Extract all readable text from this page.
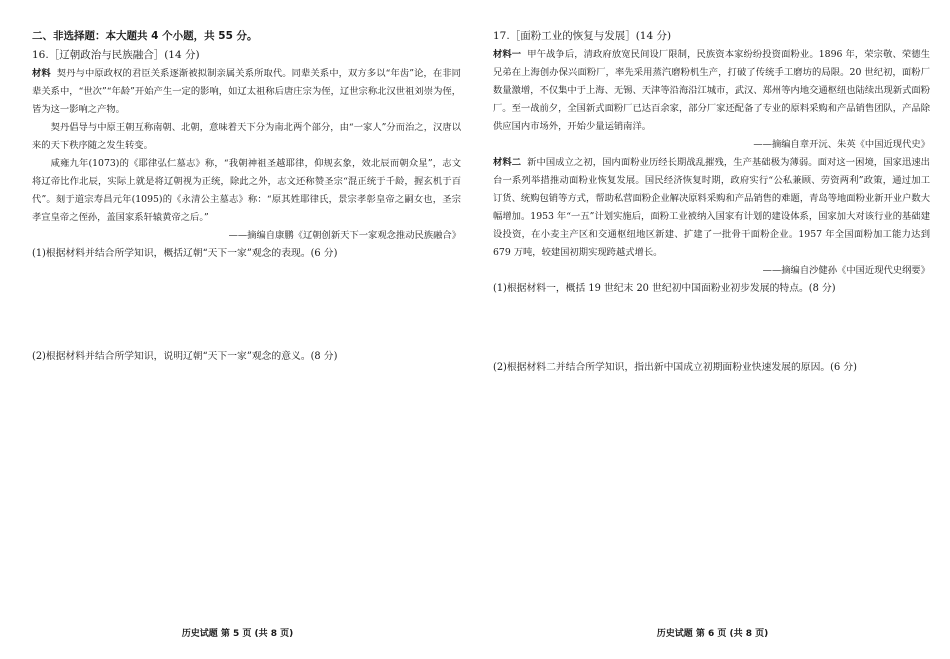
二、非选择题：本大题共 4 个小题，共 55 分。

16.［辽朝政治与民族融合］(14 分)

材料 契丹与中原政权的君臣关系逐渐被拟制亲属关系所取代。同辈关系中，双方多以“年齿”论，在非同辈关系中，“世次”“年龄”开始产生一定的影响，如辽太祖称后唐庄宗为侄，辽世宗称北汉世祖刘崇为侄，皆为这一影响之产物。

契丹倡导与中原王朝互称南朝、北朝，意味着天下分为南北两个部分，由“一家人”分而治之，汉唐以来的天下秩序随之发生转变。

咸雍九年(1073)的《耶律弘仁墓志》称，“我朝神祖圣越耶律，仰规玄象，效北辰而朝众星”，志文将辽帝比作北辰，实际上就是将辽朝视为正统，除此之外，志文还称赞圣宗“混正统于千龄，握玄机于百代”。刻于道宗寿昌元年(1095)的《永清公主墓志》称：“原其姓耶律氏，景宗孝彰皇帝之嗣女也，圣宗孝宣皇帝之侄孙，盖国家系轩辕黄帝之后。”

——摘编自康鹏《辽朝创新天下一家观念推动民族融合》

(1)根据材料并结合所学知识，概括辽朝“天下一家”观念的表现。(6 分)

(2)根据材料并结合所学知识，说明辽朝“天下一家”观念的意义。(8 分)

历史试题 第 5 页 (共 8 页)

17.［面粉工业的恢复与发展］(14 分)

材料一 甲午战争后，清政府放宽民间设厂限制，民族资本家纷纷投资面粉业。1896 年，荣宗敬、荣德生兄弟在上海创办保兴面粉厂，率先采用蒸汽磨粉机生产，打破了传统手工磨坊的局限。20 世纪初，面粉厂数量激增，不仅集中于上海、无锡、天津等沿海沿江城市，武汉、郑州等内地交通枢纽也陆续出现新式面粉厂。至一战前夕，全国新式面粉厂已达百余家，部分厂家还配备了专业的原料采购和产品销售团队，产品除供应国内市场外，开始少量运销南洋。

——摘编自章开沅、朱英《中国近现代史》

材料二 新中国成立之初，国内面粉业历经长期战乱摧残，生产基础极为薄弱。面对这一困境，国家迅速出台一系列举措推动面粉业恢复发展。国民经济恢复时期，政府实行“公私兼顾、劳资两利”政策，通过加工订货、统购包销等方式，帮助私营面粉企业解决原料采购和产品销售的难题，青岛等地面粉业新开业户数大幅增加。1953 年“一五”计划实施后，面粉工业被纳入国家有计划的建设体系，国家加大对该行业的基础建设投资，在小麦主产区和交通枢纽地区新建、扩建了一批骨干面粉企业。1957 年全国面粉加工能力达到 679 万吨，较建国初期实现跨越式增长。

——摘编自沙健孙《中国近现代史纲要》

(1)根据材料一，概括 19 世纪末 20 世纪初中国面粉业初步发展的特点。(8 分)

(2)根据材料二并结合所学知识，指出新中国成立初期面粉业快速发展的原因。(6 分)

历史试题 第 6 页 (共 8 页)
